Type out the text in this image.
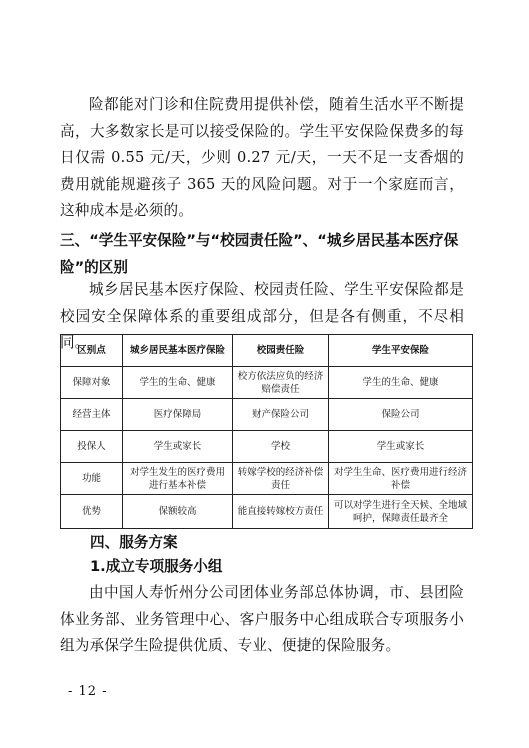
险都能对门诊和住院费用提供补偿，随着生活水平不断提高，大多数家长是可以接受保险的。学生平安保险保费多的每日仅需 0.55 元/天，少则 0.27 元/天，一天不足一支香烟的费用就能规避孩子 365 天的风险问题。对于一个家庭而言，这种成本是必须的。
三、“学生平安保险”与“校园责任险”、“城乡居民基本医疗保险”的区别
城乡居民基本医疗保险、校园责任险、学生平安保险都是校园安全保障体系的重要组成部分，但是各有侧重，不尽相同。
区别点	城乡居民基本医疗保险	校园责任险	学生平安保险
保障对象	学生的生命、健康	校方依法应负的经济赔偿责任	学生的生命、健康
经营主体	医疗保障局	财产保险公司	保险公司
投保人	学生或家长	学校	学生或家长
功能	对学生发生的医疗费用进行基本补偿	转嫁学校的经济补偿责任	对学生生命、医疗费用进行经济补偿
优势	保额较高	能直接转嫁校方责任	可以对学生进行全天候、全地域呵护，保障责任最齐全
四、服务方案
1.成立专项服务小组
由中国人寿忻州分公司团体业务部总体协调，市、县团险体业务部、业务管理中心、客户服务中心组成联合专项服务小组为承保学生险提供优质、专业、便捷的保险服务。
- 12 -
